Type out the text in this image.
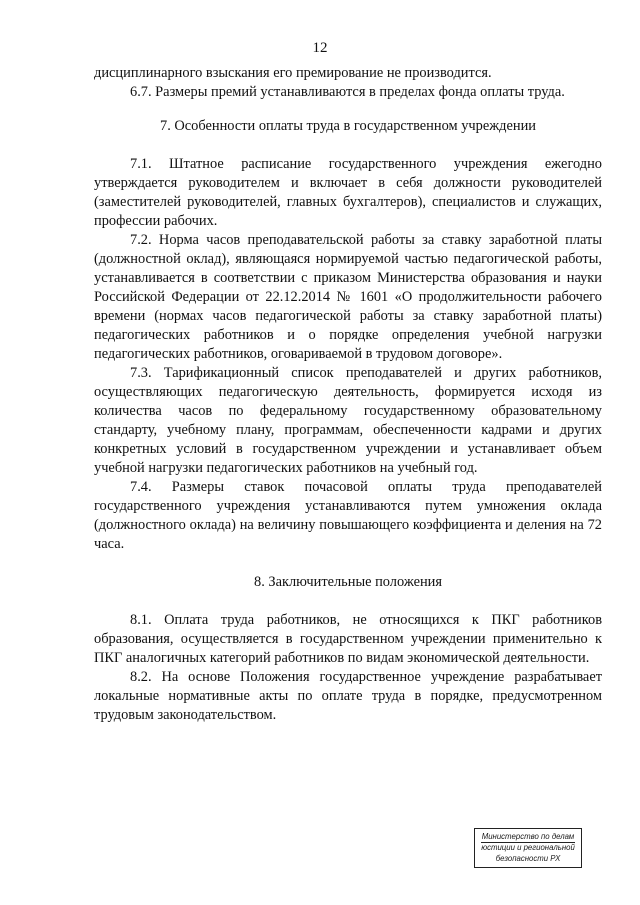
12

дисциплинарного взыскания его премирование не производится.

6.7. Размеры премий устанавливаются в пределах фонда оплаты труда.

7. Особенности оплаты труда в государственном учреждении

7.1. Штатное расписание государственного учреждения ежегодно утверждается руководителем и включает в себя должности руководителей (заместителей руководителей, главных бухгалтеров), специалистов и служащих, профессии рабочих.

7.2. Норма часов преподавательской работы за ставку заработной платы (должностной оклад), являющаяся нормируемой частью педагогической работы, устанавливается в соответствии с приказом Министерства образования и науки Российской Федерации от 22.12.2014 № 1601 «О продолжительности рабочего времени (нормах часов педагогической работы за ставку заработной платы) педагогических работников и о порядке определения учебной нагрузки педагогических работников, оговариваемой в трудовом договоре».

7.3. Тарификационный список преподавателей и других работников, осуществляющих педагогическую деятельность, формируется исходя из количества часов по федеральному государственному образовательному стандарту, учебному плану, программам, обеспеченности кадрами и других конкретных условий в государственном учреждении и устанавливает объем учебной нагрузки педагогических работников на учебный год.

7.4. Размеры ставок почасовой оплаты труда преподавателей государственного учреждения устанавливаются путем умножения оклада (должностного оклада) на величину повышающего коэффициента и деления на 72 часа.

8. Заключительные положения

8.1. Оплата труда работников, не относящихся к ПКГ работников образования, осуществляется в государственном учреждении применительно к ПКГ аналогичных категорий работников по видам экономической деятельности.

8.2. На основе Положения государственное учреждение разрабатывает локальные нормативные акты по оплате труда в порядке, предусмотренном трудовым законодательством.

Министерство по делам
юстиции и региональной
безопасности РХ
